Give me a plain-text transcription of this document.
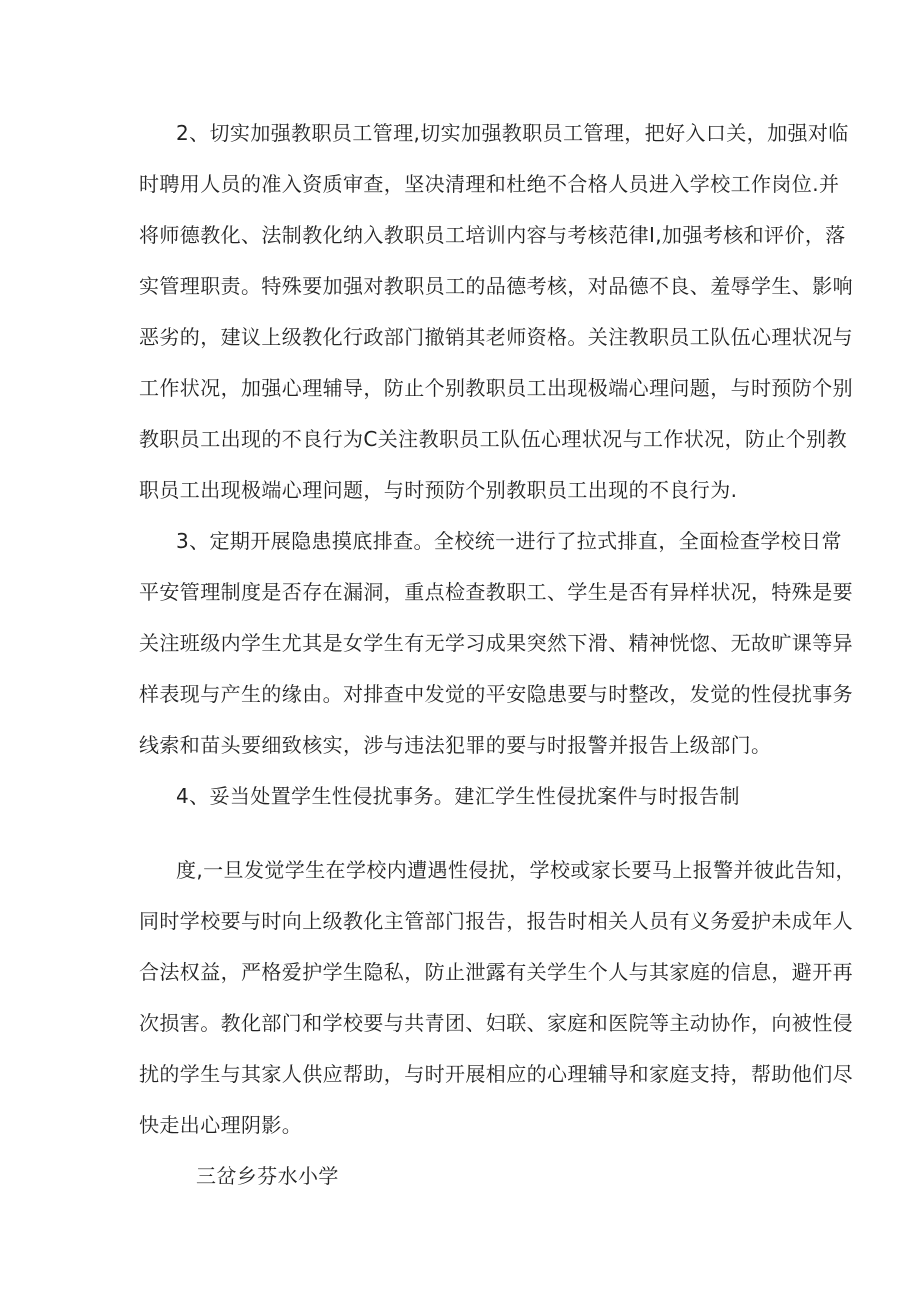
2、切实加强教职员工管理,切实加强教职员工管理，把好入口关，加强对临
时聘用人员的准入资质审查，坚决清理和杜绝不合格人员进入学校工作岗位.并
将师德教化、法制教化纳入教职员工培训内容与考核范律Ⅰ,加强考核和评价，落
实管理职责。特殊要加强对教职员工的品德考核，对品德不良、羞辱学生、影响
恶劣的，建议上级教化行政部门撤销其老师资格。关注教职员工队伍心理状况与
工作状况，加强心理辅导，防止个别教职员工出现极端心理问题，与时预防个别
教职员工出现的不良行为C关注教职员工队伍心理状况与工作状况，防止个别教
职员工出现极端心理问题，与时预防个别教职员工出现的不良行为.
3、定期开展隐患摸底排查。全校统一进行了拉式排直，全面检查学校日常
平安管理制度是否存在漏洞，重点检查教职工、学生是否有异样状况，特殊是要
关注班级内学生尤其是女学生有无学习成果突然下滑、精神恍惚、无故旷课等异
样表现与产生的缘由。对排查中发觉的平安隐患要与时整改，发觉的性侵扰事务
线索和苗头要细致核实，涉与违法犯罪的要与时报警并报告上级部门。
4、妥当处置学生性侵扰事务。建汇学生性侵扰案件与时报告制
度,一旦发觉学生在学校内遭遇性侵扰，学校或家长要马上报警并彼此告知，
同时学校要与时向上级教化主管部门报告，报告时相关人员有义务爱护未成年人
合法权益，严格爱护学生隐私，防止泄露有关学生个人与其家庭的信息，避开再
次损害。教化部门和学校要与共青团、妇联、家庭和医院等主动协作，向被性侵
扰的学生与其家人供应帮助，与时开展相应的心理辅导和家庭支持，帮助他们尽
快走出心理阴影。
三岔乡芬水小学
